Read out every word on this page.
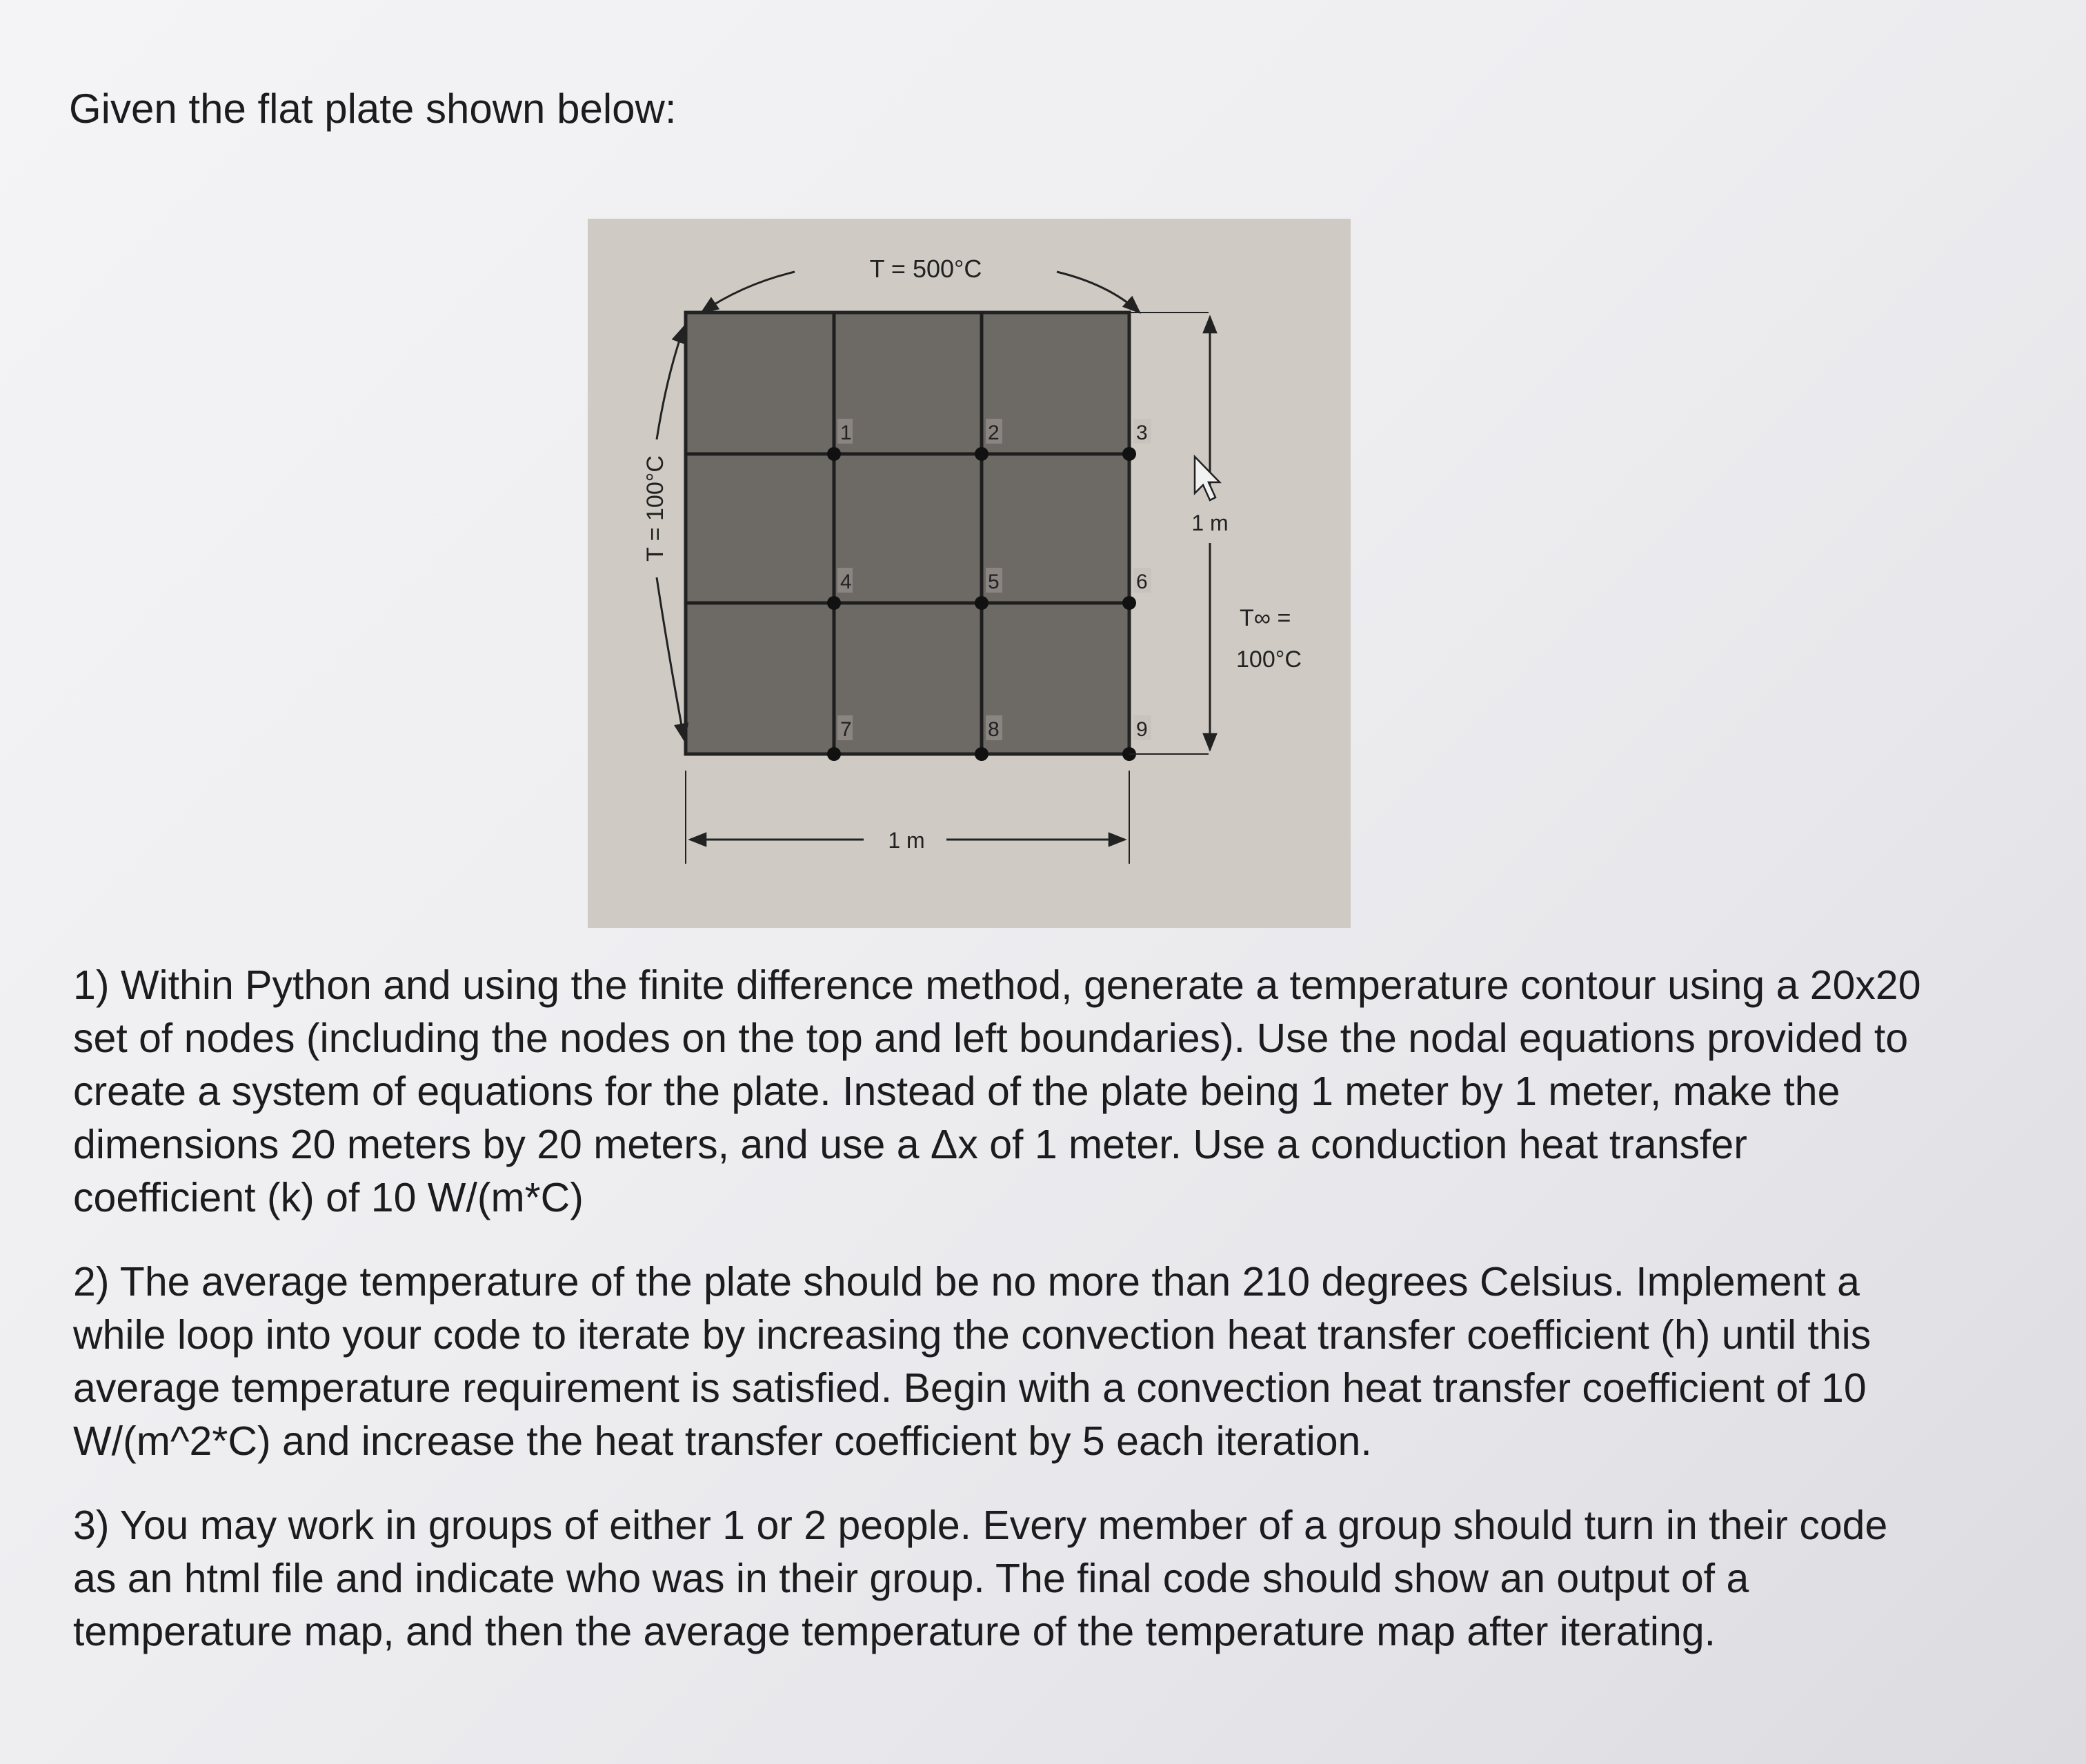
Given the flat plate shown below:

1	2	3
4	5	6
7	8	9
T = 500°C
T = 100°C	1 m
T∞ =
100°C
1 m
1) Within Python and using the finite difference method, generate a temperature contour using a 20x20 set of nodes (including the nodes on the top and left boundaries). Use the nodal equations provided to create a system of equations for the plate. Instead of the plate being 1 meter by 1 meter, make the dimensions 20 meters by 20 meters, and use a Δx of 1 meter. Use a conduction heat transfer coefficient (k) of 10 W/(m*C)
2) The average temperature of the plate should be no more than 210 degrees Celsius. Implement a while loop into your code to iterate by increasing the convection heat transfer coefficient (h) until this average temperature requirement is satisfied. Begin with a convection heat transfer coefficient of 10 W/(m^2*C) and increase the heat transfer coefficient by 5 each iteration.
3) You may work in groups of either 1 or 2 people. Every member of a group should turn in their code as an html file and indicate who was in their group. The final code should show an output of a temperature map, and then the average temperature of the temperature map after iterating.
